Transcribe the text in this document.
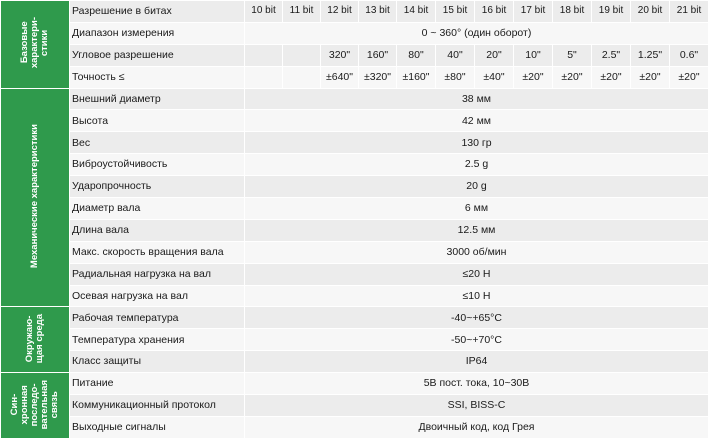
Базовые
характери-
стики	Разрешение в битах	10 bit	11 bit	12 bit	13 bit	14 bit	15 bit	16 bit	17 bit	18 bit	19 bit	20 bit	21 bit
	Диапазон измерения	0 ~ 360° (один оборот)											
	Угловое разрешение			320"	160"	80"	40"	20"	10"	5"	2.5"	1.25"	0.6"
	Точность ≤			±640"	±320"	±160"	±80"	±40"	±20"	±20"	±20"	±20"	±20"
Механические характеристики	Внешний диаметр	38 мм											
	Высота	42 мм											
	Вес	130 гр											
	Виброустойчивость	2.5 g											
	Ударопрочность	20 g											
	Диаметр вала	6 мм											
	Длина вала	12.5 мм											
	Макс. скорость вращения вала	3000 об/мин											
	Радиальная нагрузка на вал	≤20 Н											
	Осевая нагрузка на вал	≤10 Н											
Окружаю-
щая среда	Рабочая температура	-40~+65°C											
	Температура хранения	-50~+70°C											
	Класс защиты	IP64											
Син-
хронная
последо-
вательная
связь	Питание	5В пост. тока, 10~30В											
	Коммуникационный протокол	SSI, BISS-C											
	Выходные сигналы	Двоичный код, код Грея											
